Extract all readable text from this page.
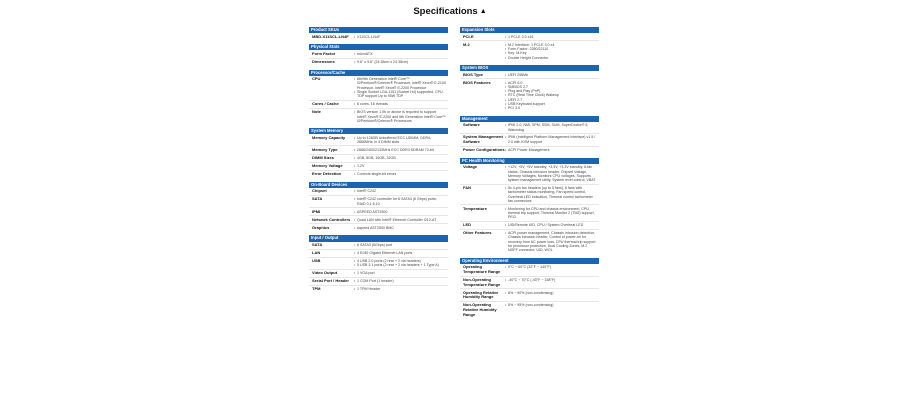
Specifications ▲
Product SKUs
MBD-X11SCL-LN4F	• X11SCL-LN4F
Physical Stats
Form Factor	• microATX
Dimensions	• 9.6" x 9.6" (24.38cm x 24.38cm)
Processor/Cache
CPU	• 8th/9th Generation Intel® Core™ i3/Pentium®/Celeron® Processor, Intel® Xeon® E-2100 Processor, Intel® Xeon® E-2200 Processor
• Single Socket LGA-1151 (Socket H4) supported, CPU TDP support Up to 95W TDP
Cores / Cache	• 6 cores, 16 threads
Note	• BIOS version 1.0b or above is required to support Intel® Xeon® E-2200 and 9th Generation Intel® Core™ i3/Pentium®/Celeron® Processors
System Memory
Memory Capacity	• Up to 128GB Unbuffered ECC UDIMM, DDR4-2666MHz; in 4 DIMM slots
Memory Type	• 2666/2400/2133MHz ECC DDR4 SDRAM 72-bit
DIMM Sizes	• 4GB, 8GB, 16GB, 32GB
Memory Voltage	• 1.2V
Error Detection	• Corrects single-bit errors
On-Board Devices
Chipset	• Intel® C242
SATA	• Intel® C242 controller for 6 SATA3 (6 Gbps) ports; RAID 0,1,5,10
IPMI	• ASPEED AST2500
Network Controllers	• Quad LAN with Intel® Ethernet Controller I210-AT
Graphics	• Aspeed AST2500 BMC
Input / Output
SATA	• 6 SATA3 (6Gbps) port
LAN	• 4 RJ45 Gigabit Ethernet LAN ports
USB	• 4 USB 2.0 ports (2 rear + 2 via headers)
• 5 USB 3.1 ports (2 rear + 2 via headers + 1 Type A)
Video Output	• 1 VGA port
Serial Port / Header	• 1 COM Port (1 header)
TPM	• 1 TPM Header
Expansion Slots
PCI-E	• 1 PCI-E 3.0 x16
M.2	• M.2 Interface: 1 PCI-E 3.0 x4
• Form Factor: 2280/22110
• Key: M-Key
• Double Height Connector
System BIOS
BIOS Type	• UEFI 256Mb
BIOS Features	• ACPI 6.0
• SMBIOS 2.7
• Plug and Play (PnP)
• RTC (Real Time Clock) Wakeup
• UEFI 2.7
• USB Keyboard support
• PCI 3.0
Management
Software	• IPMI 2.0, NMI, SPM, SSM, SUM, SuperDoctor® 5, Watchdog
System Management Software
• IPMI (Intelligent Platform Management Interface) v1.5 / 2.0 with KVM support
Power Configurations • ACPI Power Management
PC Health Monitoring
Voltage	• +12V, +5V, +5V standby, +3.3V, +3.3V standby, 6-fan status, Chassis intrusion header, Chipset Voltage, Memory Voltages, Monitors CPU voltages, Supports system management utility, System level control, VBAT
FAN	• 5x 4-pin fan headers (up to 5 fans), 6 fans with tachometer status monitoring, Fan speed control, Overheat LED indication, Thermal control tachometer fan connectors
Temperature	• Monitoring for CPU and chassis environment, CPU thermal trip support, Thermal Monitor 2 (TM2) support, PECI
LED	• UID/Remote UID, CPU / System Overheat LED
Other Features	• ACPI power management, Chassis intrusion detection, Chassis intrusion header, Control of power-on for recovery from AC power loss, CPU thermal trip support for processor protection, Dual Cooling Zones, M.2 NGFF connector, UID, WOL
Operating Environment
Operating Temperature Range
• 0°C ~ 60°C (32°F ~ 140°F)
Non-Operating Temperature Range
• -40°C ~ 70°C (-40°F ~ 158°F)
Operating Relative Humidity Range
• 8% ~ 90% (non-condensing)
Non-Operating Relative Humidity Range
• 5% ~ 95% (non-condensing)
